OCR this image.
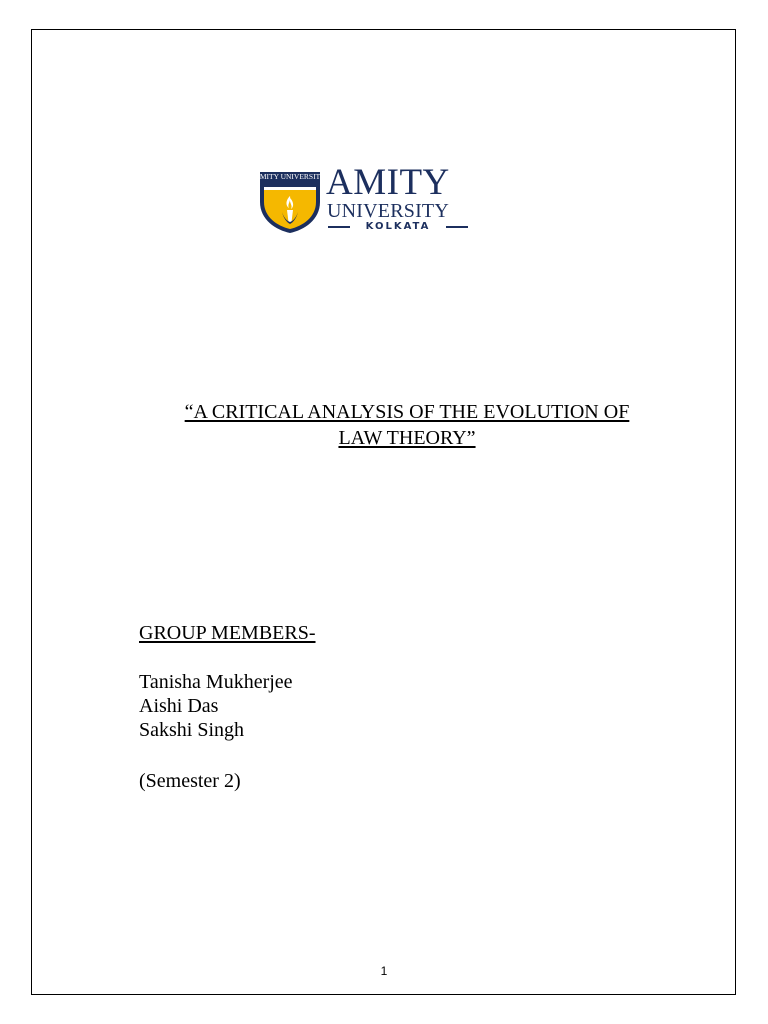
AMITY UNIVERSITY AMITY
UNIVERSITY
KOLKATA
“A CRITICAL ANALYSIS OF THE EVOLUTION OF
LAW THEORY”
GROUP MEMBERS-
Tanisha Mukherjee
Aishi Das
Sakshi Singh
(Semester 2)
1
